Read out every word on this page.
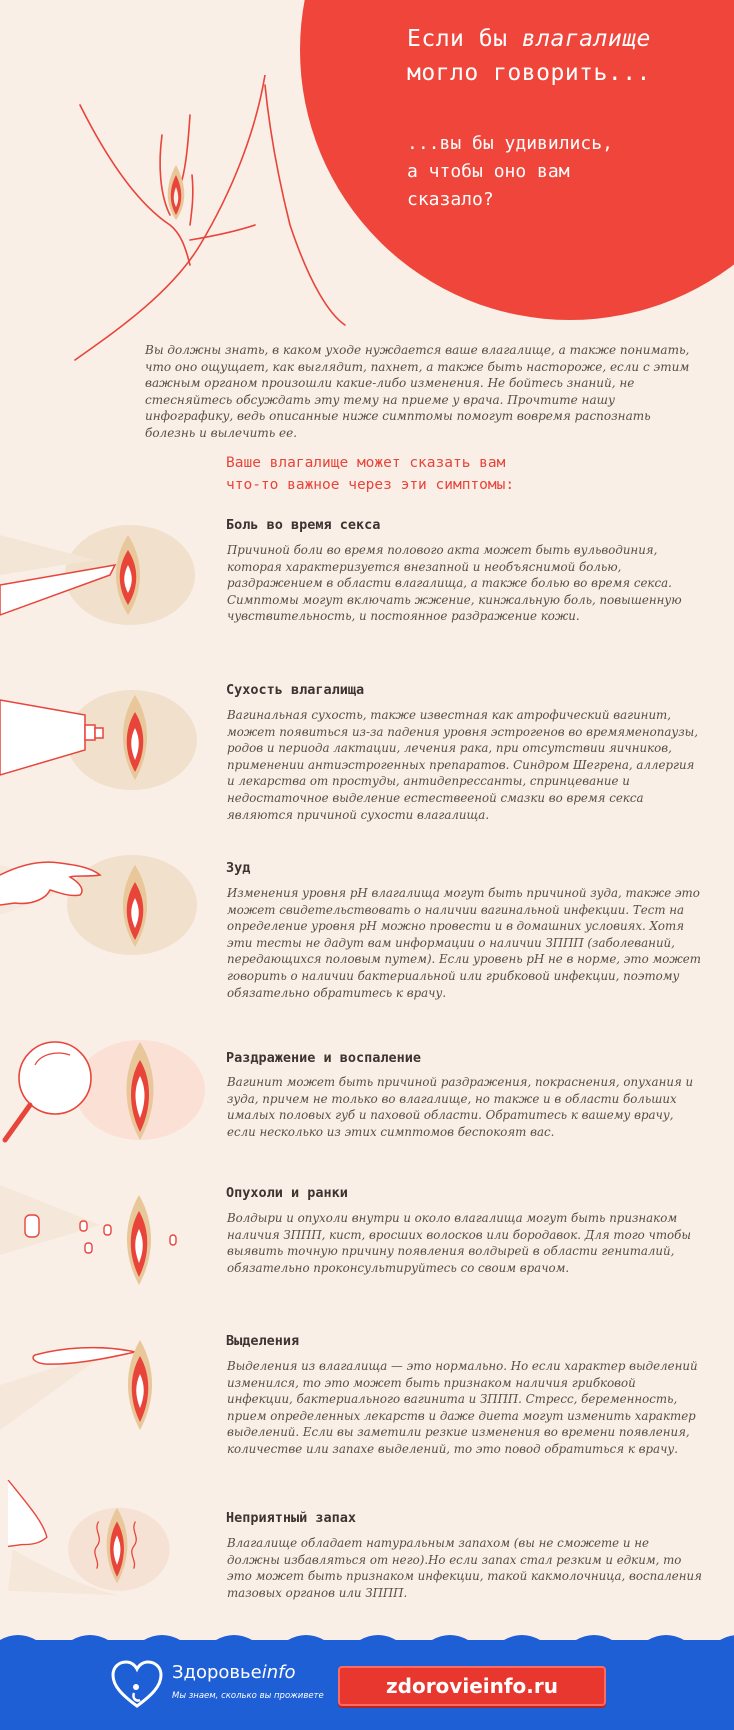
Если бы влагалище
могло говорить...
...вы бы удивились,
а чтобы оно вам
сказало?
Вы должны знать, в каком уходе нуждается ваше влагалище, а также понимать, что оно ощущает, как выглядит, пахнет, а также быть настороже, если с этим важным органом произошли какие-либо изменения. Не бойтесь знаний, не стесняйтесь обсуждать эту тему на приеме у врача. Прочтите нашу инфографику, ведь описанные ниже симптомы помогут вовремя распознать болезнь и вылечить ее.
Ваше влагалище может сказать вам
что-то важное через эти симптомы:
Боль во время секса
Причиной боли во время полового акта может быть вульводиния, которая характеризуется внезапной и необъяснимой болью, раздражением в области влагалища, а также болью во время секса. Симптомы могут включать жжение, кинжальную боль, повышенную чувствительность, и постоянное раздражение кожи.
Сухость влагалища
Вагинальная сухость, также известная как атрофический вагинит, может появиться из-за падения уровня эстрогенов во времяменопаузы, родов и периода лактации, лечения рака, при отсутствии яичников, применении антиэстрогенных препаратов. Синдром Шегрена, аллергия и лекарства от простуды, антидепрессанты, спринцевание и недостаточное выделение естествееной смазки во время секса являются причиной сухости влагалища.
Зуд
Изменения уровня pH влагалища могут быть причиной зуда, также это может свидетельствовать о наличии вагинальной инфекции. Тест на определение уровня pH можно провести и в домашних условиях. Хотя эти тесты не дадут вам информации о наличии ЗППП (заболеваний, передающихся половым путем). Если уровень pH не в норме, это может говорить о наличии бактериальной или грибковой инфекции, поэтому обязательно обратитесь к врачу.
Раздражение и воспаление
Вагинит может быть причиной раздражения, покраснения, опухания и зуда, причем не только во влагалище, но также и в области больших ималых половых губ и паховой области. Обратитесь к вашему врачу, если несколько из этих симптомов беспокоят вас.
Опухоли и ранки
Волдыри и опухоли внутри и около влагалища могут быть признаком наличия ЗППП, кист, вросших волосков или бородавок. Для того чтобы выявить точную причину появления волдырей в области гениталий, обязательно проконсультируйтесь со своим врачом.
Выделения
Выделения из влагалища — это нормально. Но если характер выделений изменился, то это может быть признаком наличия грибковой инфекции, бактериального вагинита и ЗППП. Стресс, беременность, прием определенных лекарств и даже диета могут изменить характер выделений. Если вы заметили резкие изменения во времени появления, количестве или запахе выделений, то это повод обратиться к врачу.
Неприятный запах
Влагалище обладает натуральным запахом (вы не сможете и не должны избавляться от него).Но если запах стал резким и едким, то это может быть признаком инфекции, такой какмолочница, воспаления тазовых органов или ЗППП.
Здоровьеinfo
Мы знаем, сколько вы проживете	zdorovieinfo.ru
